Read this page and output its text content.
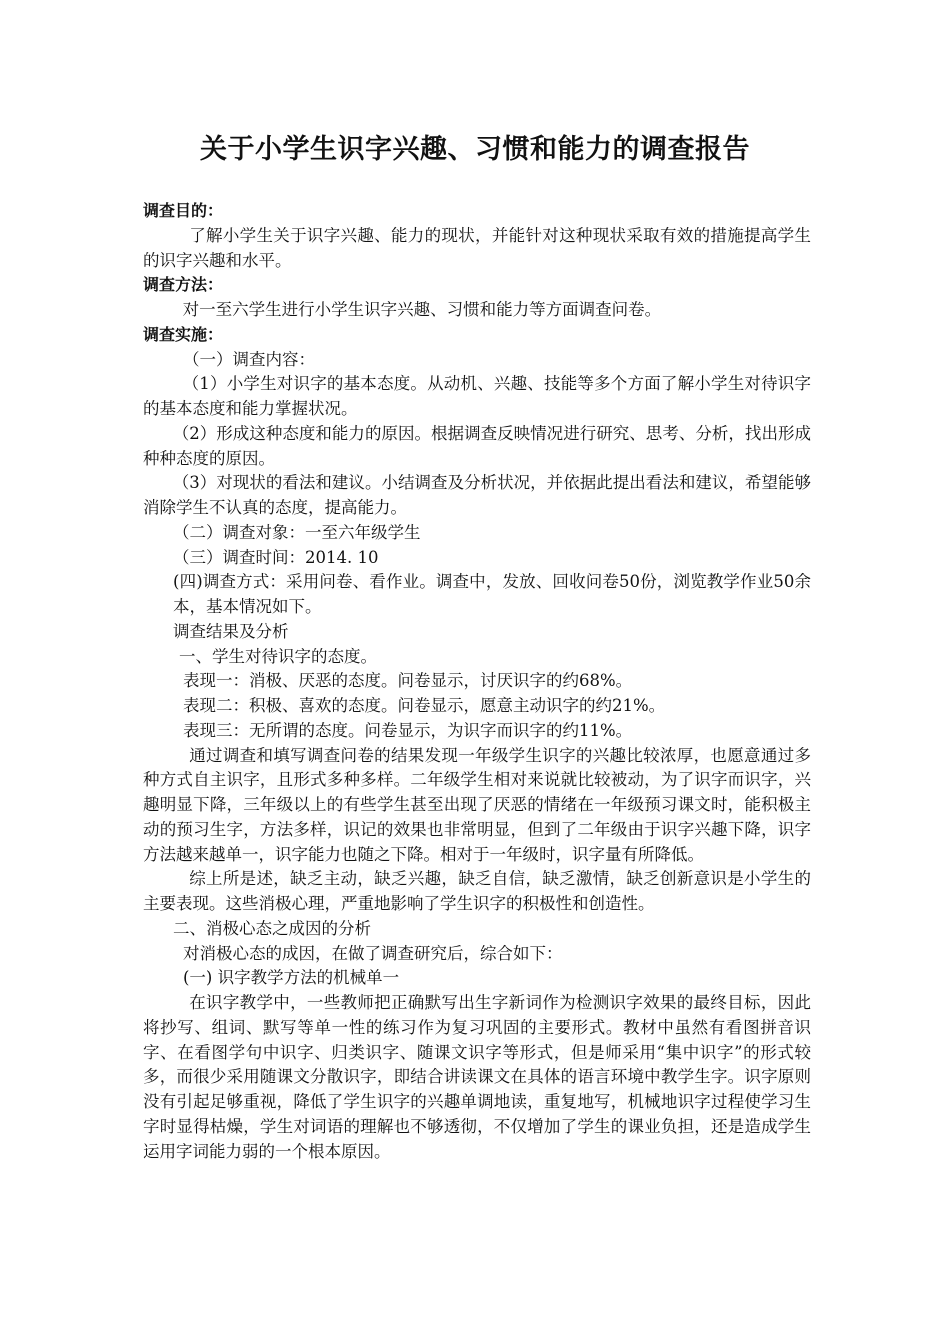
关于小学生识字兴趣、习惯和能力的调查报告

调查目的：

了解小学生关于识字兴趣、能力的现状，并能针对这种现状采取有效的措施提高学生的识字兴趣和水平。

调查方法：

对一至六学生进行小学生识字兴趣、习惯和能力等方面调查问卷。

调查实施：

（一）调查内容：

（1）小学生对识字的基本态度。从动机、兴趣、技能等多个方面了解小学生对待识字的基本态度和能力掌握状况。

（2）形成这种态度和能力的原因。根据调查反映情况进行研究、思考、分析，找出形成种种态度的原因。

（3）对现状的看法和建议。小结调查及分析状况，并依据此提出看法和建议，希望能够消除学生不认真的态度，提高能力。

（二）调查对象：一至六年级学生

（三）调查时间：2014. 10

(四)调查方式：采用问卷、看作业。调查中，发放、回收问卷50份，浏览教学作业50余本，基本情况如下。

调查结果及分析

一、学生对待识字的态度。

表现一：消极、厌恶的态度。问卷显示，讨厌识字的约68%。

表现二：积极、喜欢的态度。问卷显示，愿意主动识字的约21%。

表现三：无所谓的态度。问卷显示，为识字而识字的约11%。

通过调查和填写调查问卷的结果发现一年级学生识字的兴趣比较浓厚，也愿意通过多种方式自主识字，且形式多种多样。二年级学生相对来说就比较被动，为了识字而识字，兴趣明显下降，三年级以上的有些学生甚至出现了厌恶的情绪在一年级预习课文时，能积极主动的预习生字，方法多样，识记的效果也非常明显，但到了二年级由于识字兴趣下降，识字方法越来越单一，识字能力也随之下降。相对于一年级时，识字量有所降低。

综上所是述，缺乏主动，缺乏兴趣，缺乏自信，缺乏激情，缺乏创新意识是小学生的主要表现。这些消极心理，严重地影响了学生识字的积极性和创造性。

二、消极心态之成因的分析

对消极心态的成因，在做了调查研究后，综合如下：

(一) 识字教学方法的机械单一

在识字教学中，一些教师把正确默写出生字新词作为检测识字效果的最终目标，因此将抄写、组词、默写等单一性的练习作为复习巩固的主要形式。教材中虽然有看图拼音识字、在看图学句中识字、归类识字、随课文识字等形式，但是师采用“集中识字”的形式较多，而很少采用随课文分散识字，即结合讲读课文在具体的语言环境中教学生字。识字原则没有引起足够重视，降低了学生识字的兴趣单调地读，重复地写，机械地识字过程使学习生字时显得枯燥，学生对词语的理解也不够透彻，不仅增加了学生的课业负担，还是造成学生运用字词能力弱的一个根本原因。
